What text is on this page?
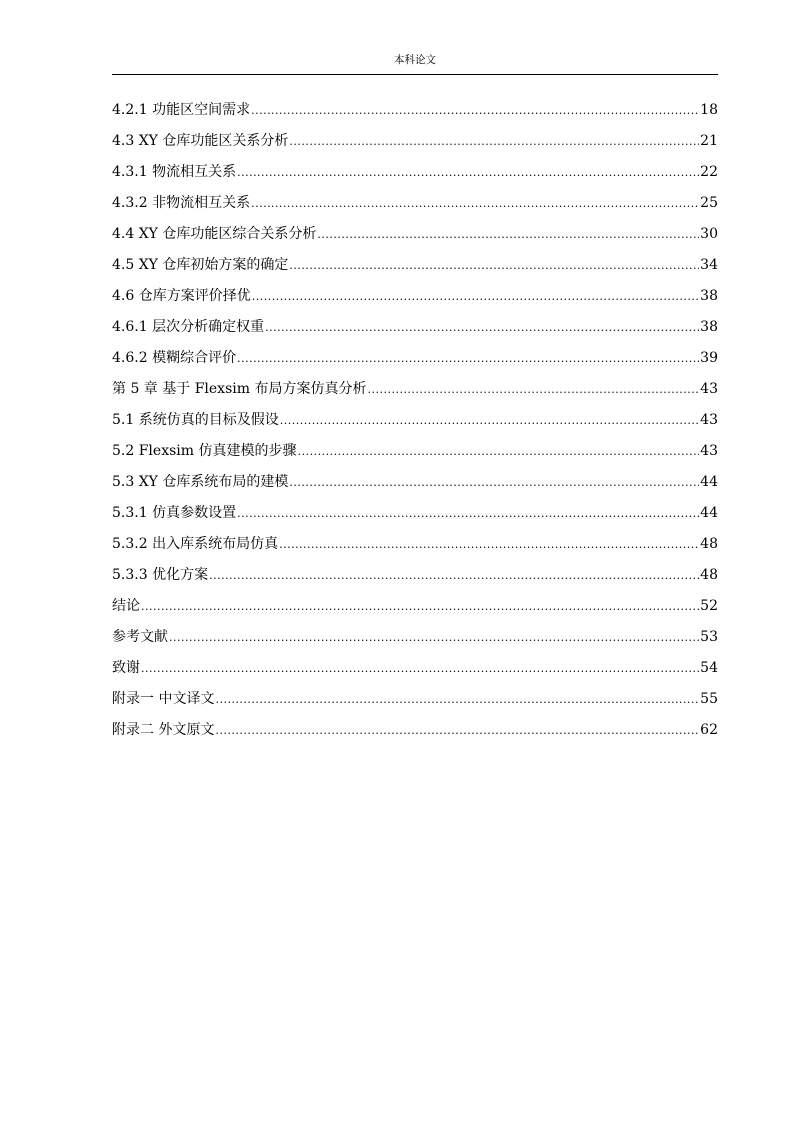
本科论文
4.2.1 功能区空间需求 .....	18
4.3 XY 仓库功能区关系分析 .....	21
4.3.1 物流相互关系 .....	22
4.3.2 非物流相互关系 .....	25
4.4 XY 仓库功能区综合关系分析 .....	30
4.5 XY 仓库初始方案的确定 .....	34
4.6 仓库方案评价择优 .....	38
4.6.1 层次分析确定权重 .....	38
4.6.2 模糊综合评价 .....	39
第 5 章 基于 Flexsim 布局方案仿真分析 .....	43
5.1 系统仿真的目标及假设 .....	43
5.2 Flexsim 仿真建模的步骤 .....	43
5.3 XY 仓库系统布局的建模 .....	44
5.3.1 仿真参数设置 .....	44
5.3.2 出入库系统布局仿真 .....	48
5.3.3 优化方案 .....	48
结论 .....	52
参考文献 .....	53
致谢 .....	54
附录一 中文译文 .....	55
附录二 外文原文 .....	62
